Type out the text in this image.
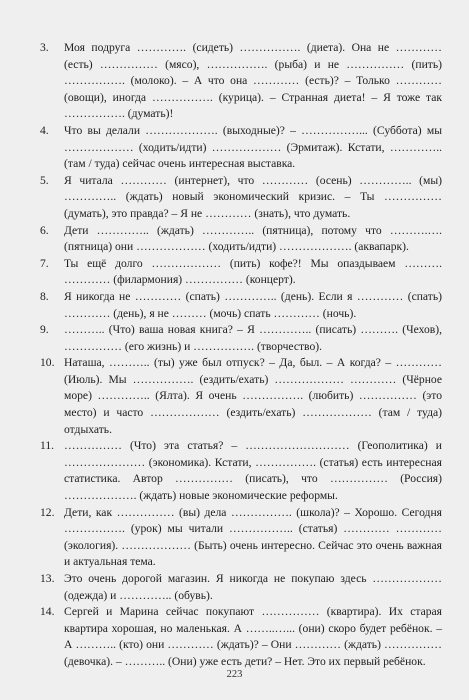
3.	Моя подруга …………. (сидеть) ……………. (диета). Она не ………… (есть) …………… (мясо), ……………. (рыба) и не …………… (пить) ……………. (молоко). – А что она ………… (есть)? – Только ………… (овощи), иногда ……………. (курица). – Странная диета! – Я тоже так ……………. (думать)!
4.	Что вы делали ………………. (выходные)? – ……………... (Суббота) мы ……………… (ходить/идти) ……………… (Эрмитаж). Кстати, …………..(там / туда) сейчас очень интересная выставка.
5.	Я читала ………… (интернет), что ………… (осень) ………….. (мы) ………….. (ждать) новый экономический кризис. – Ты …………… (думать), это правда? – Я не ………… (знать), что думать.
6.	Дети ………….. (ждать) ………….. (пятница), потому что ……….…. (пятница) они ……………… (ходить/идти) ………………. (аквапарк).
7.	Ты ещё долго ……………… (пить) кофе?! Мы опаздываем ………. ………… (филармония) …………… (концерт).
8.	Я никогда не ………… (спать) ………….. (день). Если я ………… (спать) ………… (день), я не ……… (мочь) спать ………… (ночь).
9.	……….. (Что) ваша новая книга? – Я ………….. (писать) ………. (Чехов), …………… (его жизнь) и ……………. (творчество).
10. Наташа, ……….. (ты) уже был отпуск? – Да, был. – А когда? – ………… (Июль). Мы ……………. (ездить/ехать) ……………… ………… (Чёрное море) ………….. (Ялта). Я очень ……………. (любить) …………… (это место) и часто ……………… (ездить/ехать) ……………… (там / туда) отдыхать.
11. …………… (Что) эта статья? – ……………………… (Геополитика) и ………………… (экономика). Кстати, ……………. (статья) есть интересная статистика. Автор …………… (писать), что …………… (Россия) ………………. (ждать) новые экономические реформы.
12. Дети, как …………… (вы) дела ……………. (школа)? – Хорошо. Сегодня ……………. (урок) мы читали …………….. (статья) ………… ………… (экология). ……………… (Быть) очень интересно. Сейчас это очень важная и актуальная тема.
13. Это очень дорогой магазин. Я никогда не покупаю здесь ……………… (одежда) и ………….. (обувь).
14. Сергей и Марина сейчас покупают …………… (квартира). Их старая квартира хорошая, но маленькая. А ……..…... (они) скоро будет ребёнок. – А ……….. (кто) они ………… (ждать)? – Они ………… (ждать) …………… (девочка). – ……….. (Они) уже есть дети? – Нет. Это их первый ребёнок.
223
